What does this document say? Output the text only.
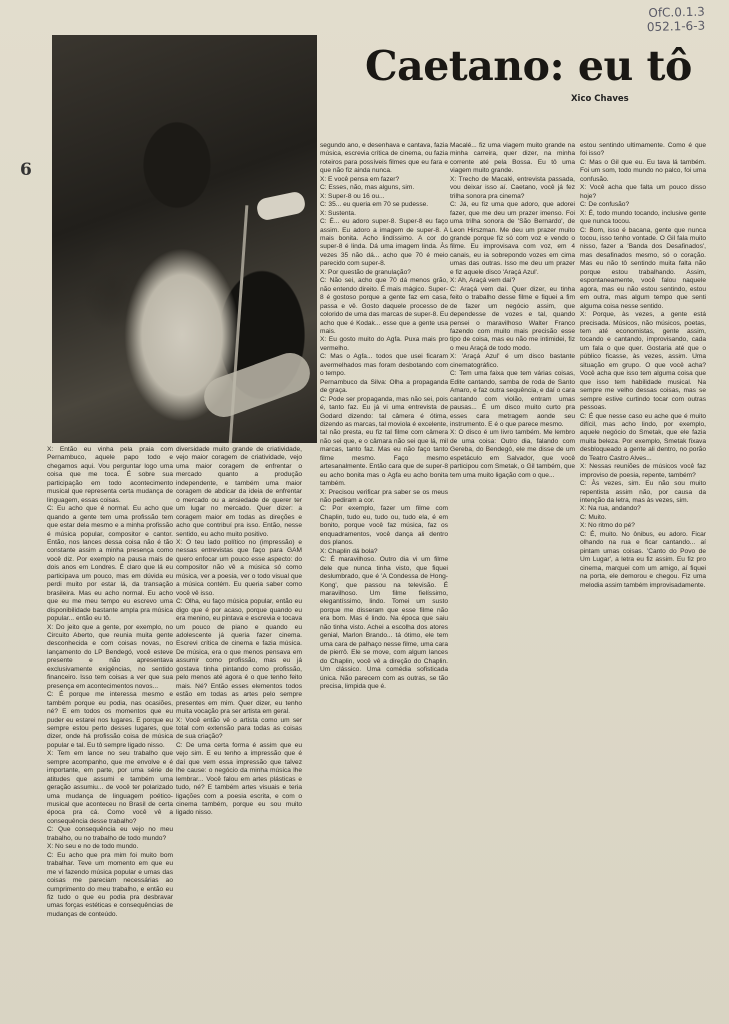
OfC.0.1.3
052.1-6-3
6
Caetano: eu tô
Xico Chaves

X: Então eu vinha pela praia com Pernambuco, aquele papo todo e chegamos aqui. Vou perguntar logo uma coisa que me toca. É sobre sua participação em todo acontecimento musical que representa certa mudança de linguagem, essas coisas.
C: Eu acho que é normal. Eu acho que quando a gente tem uma profissão tem que estar dela mesmo e a minha profissão é música popular, compositor e cantor. Então, nos lances dessa coisa não é tão constante assim a minha presença como você diz. Por exemplo na pausa mais de dois anos em Londres. É claro que lá eu participava um pouco, mas em dúvida eu perdi muito por estar lá, da transação brasileira. Mas eu acho normal. Eu acho que eu me meu tempo eu escrevo uma disponibilidade bastante ampla pra música popular... então eu tô.
X: Do jeito que a gente, por exemplo, no Circuito Aberto, que reunia muita gente desconhecida e com coisas novas, no lançamento do LP Bendegó, você esteve presente e não apresentava exclusivamente exigências, no sentido financeiro. Isso tem coisas a ver que sua presença em acontecimentos novos...
C: É porque me interessa mesmo e também porque eu podia, nas ocasiões, né? E em todos os momentos que eu puder eu estarei nos lugares. E porque eu sempre estou perto desses lugares, que dizer, onde há profissão coisa de música popular e tal. Eu tô sempre ligado nisso.
X: Tem em lance no seu trabalho que sempre acompanho, que me envolve e é importante, em parte, por uma série de atitudes que assumi e também uma geração assumiu... de você ter polarizado uma mudança de linguagem poético-musical que aconteceu no Brasil de certa época pra cá. Como você vê a consequência desse trabalho?
C: Que consequência eu vejo no meu trabalho, ou no trabalho de todo mundo?
X: No seu e no de todo mundo.
C: Eu acho que pra mim foi muito bom trabalhar. Teve um momento em que eu me vi fazendo música popular e umas das coisas me pareciam necessárias ao cumprimento do meu trabalho, e então eu fiz tudo o que eu podia pra desbravar umas forças estéticas e consequências de mudanças de conteúdo.

diversidade muito grande de criatividade, vejo maior coragem de criatividade, vejo uma maior coragem de enfrentar o mercado quanto a produção independente, e também uma maior coragem de abdicar da ideia de enfrentar o mercado ou a ansiedade de querer ter um lugar no mercado. Quer dizer: a coragem maior em todas as direções e acho que contribuí pra isso. Então, nesse sentido, eu acho muito positivo.
X: O teu lado político no (impressão) e nessas entrevistas que faço para GAM quero enfocar um pouco esse aspecto: do compositor não vê a música só como música, ver a poesia, ver o todo visual que a música contém. Eu queria saber como você vê isso.
C: Olha, eu faço música popular, então eu digo que é por acaso, porque quando eu era menino, eu pintava e escrevia e tocava um pouco de piano e quando eu adolescente já queria fazer cinema. Escrevi crítica de cinema e fazia música. De música, era o que menos pensava em assumir como profissão, mas eu já gostava tinha pintando como profissão, pelo menos até agora é o que tenho feito mais. Né? Então esses elementos todos estão em todas as artes pelo sempre presentes em mim. Quer dizer, eu tenho muita vocação pra ser artista em geral.
X: Você então vê o artista como um ser total com extensão para todas as coisas de sua criação?
C: De uma certa forma é assim que eu vejo sim. E eu tenho a impressão que é daí que vem essa impressão que talvez lhe cause: o negócio da minha música lhe lembrar... Você falou em artes plásticas e tudo, né? E também artes visuais e teria ligações com a poesia escrita, e com o cinema também, porque eu sou muito ligado nisso.

segundo ano, e desenhava e cantava, fazia música, escrevia crítica de cinema, ou fazia roteiros para possíveis filmes que eu fara e que não fiz ainda nunca.
X: E você pensa em fazer?
C: Esses, não, mas alguns, sim.
X: Super-8 ou 16 ou...
C: 35... eu queria em 70 se pudesse.
X: Sustenta.
C: É... eu adoro super-8. Super-8 eu faço assim. Eu adoro a imagem de super-8. A mais bonita. Acho lindíssimo. A cor do super-8 é linda. Dá uma imagem linda. Às vezes 35 não dá... acho que 70 é meio parecido com super-8.
X: Por questão de granulação?
C: Não sei, acho que 70 dá menos grão, não entendo direito. É mais mágico. Super-8 é gostoso porque a gente faz em casa, passa e vê. Gosto daquele processo de colorido de uma das marcas de super-8. Eu acho que é Kodak... esse que a gente usa mais.
X: Eu gosto muito do Agfa. Puxa mais pro vermelho.
C: Mas o Agfa... todos que usei ficaram avermelhados mas foram desbotando com o tempo.
Pernambuco da Silva: Olha a propaganda de graça.
C: Pode ser propaganda, mas não sei, pois é, tanto faz. Eu já vi uma entrevista de Godard dizendo: tal câmera é ótima, dizendo as marcas, tal moviola é excelente, tal não presta, eu fiz tal filme com câmera não sei que, e o câmara não sei que lá, mil marcas, tanto faz. Mas eu não faço tanto filme mesmo. Faço mesmo artesanalmente. Então cara que de super-8 eu acho bonita mas o Agfa eu acho bonita também.
X: Precisou verificar pra saber se os meus não pediram a cor.
C: Por exemplo, fazer um filme com Chaplin, tudo eu, tudo ou, tudo ela, é em bonito, porque você faz música, faz os enquadramentos, você dança ali dentro dos planos.
X: Chaplin dá bola?
C: É maravilhoso. Outro dia vi um filme dele que nunca tinha visto, que fiquei deslumbrado, que é 'A Condessa de Hong-Kong', que passou na televisão. É maravilhoso. Um filme fielíssimo, elegantíssimo, lindo. Tomei um susto porque me disseram que esse filme não era bom. Mas é lindo. Na época que saiu não tinha visto. Achei a escolha dos atores genial, Marlon Brando... tá ótimo, ele tem uma cara de palhaço nesse filme, uma cara de pierrô. Ele se move, com algum lances do Chaplin, você vê a direção do Chaplin. Um clássico. Uma comédia sofisticada única. Não parecem com as outras, se tão precisa, limpida que é.

Macalé... fiz uma viagem muito grande na minha carreira, quer dizer, na minha corrente até pela Bossa. Eu tô uma viagem muito grande.
X: Trecho de Macalé, entrevista passada, vou deixar isso aí. Caetano, você já fez trilha sonora pra cinema?
C: Já, eu fiz uma que adoro, que adorei fazer, que me deu um prazer imenso. Foi uma trilha sonora de 'São Bernardo', de Leon Hirszman. Me deu um prazer muito grande porque fiz só com voz e vendo o filme. Eu improvisava com voz, em 4 canais, eu ia sobrepondo vozes em cima umas das outras. Isso me deu um prazer e fiz aquele disco 'Araçá Azul'.
X: Ah, Araçá vem daí?
C: Araçá vem daí. Quer dizer, eu tinha feito o trabalho desse filme e fiquei a fim de fazer um negócio assim, que dependesse de vozes e tal, quando pensei o maravilhoso Walter Franco fazendo com muito mais precisão esse tipo de coisa, mas eu não me intimidei, fiz o meu Araçá de todo modo.
X: 'Araçá Azul' é um disco bastante cinematográfico.
C: Tem uma faixa que tem várias coisas, Edite cantando, samba de roda de Santo Amaro, e faz outra sequência, e daí o cara cantando com violão, entram umas pausas... É um disco muito curto pra esses cara metragem aonde seu instrumento. E é o que parece mesmo.
X: O disco é um livro também. Me lembro de uma coisa: Outro dia, falando com Gereba, do Bendegó, ele me disse de um espetáculo em Salvador, que você participou com Smetak, o Gil também, que tem uma muito ligação com o que...

estou sentindo ultimamente. Como é que foi isso?
C: Mas o Gil que eu. Eu tava lá também. Foi um som, todo mundo no palco, foi uma confusão.
X: Você acha que falta um pouco disso hoje?
C: De confusão?
X: É, todo mundo tocando, inclusive gente que nunca tocou.
C: Bom, isso é bacana, gente que nunca tocou, isso tenho vontade. O Gil fala muito nisso, fazer a 'Banda dos Desafinados', mas desafinados mesmo, só o coração. Mas eu não tô sentindo muita falta não porque estou trabalhando. Assim, espontaneamente, você falou naquele agora, mas eu não estou sentindo, estou em outra, mas algum tempo que senti alguma coisa nesse sentido.
X: Porque, às vezes, a gente está precisada. Músicos, não músicos, poetas, tem até economistas, gente assim, tocando e cantando, improvisando, cada um fala o que quer. Gostaria até que o público ficasse, às vezes, assim. Uma situação em grupo. O que você acha? Você acha que isso tem alguma coisa que que isso tem habilidade musical. Na sempre me velho dessas coisas, mas se sempre estive curtindo tocar com outras pessoas.
C: É que nesse caso eu ache que é muito difícil, mas acho lindo, por exemplo, aquele negócio do Smetak, que ele fazia muita beleza. Por exemplo, Smetak fixava desbloqueado a gente ali dentro, no porão do Teatro Castro Alves...
X: Nessas reuniões de músicos você faz improviso de poesia, repente, também?
C: Às vezes, sim. Eu não sou muito repentista assim não, por causa da intenção da letra, mas às vezes, sim.
X: Na rua, andando?
C: Muito.
X: No ritmo do pé?
C: É, muito. No ônibus, eu adoro. Ficar olhando na rua e ficar cantando... aí pintam umas coisas. 'Canto do Povo de Um Lugar', a letra eu fiz assim. Eu fiz pro cinema, marquei com um amigo, aí fiquei na porta, ele demorou e chegou. Fiz uma melodia assim também improvisadamente.
